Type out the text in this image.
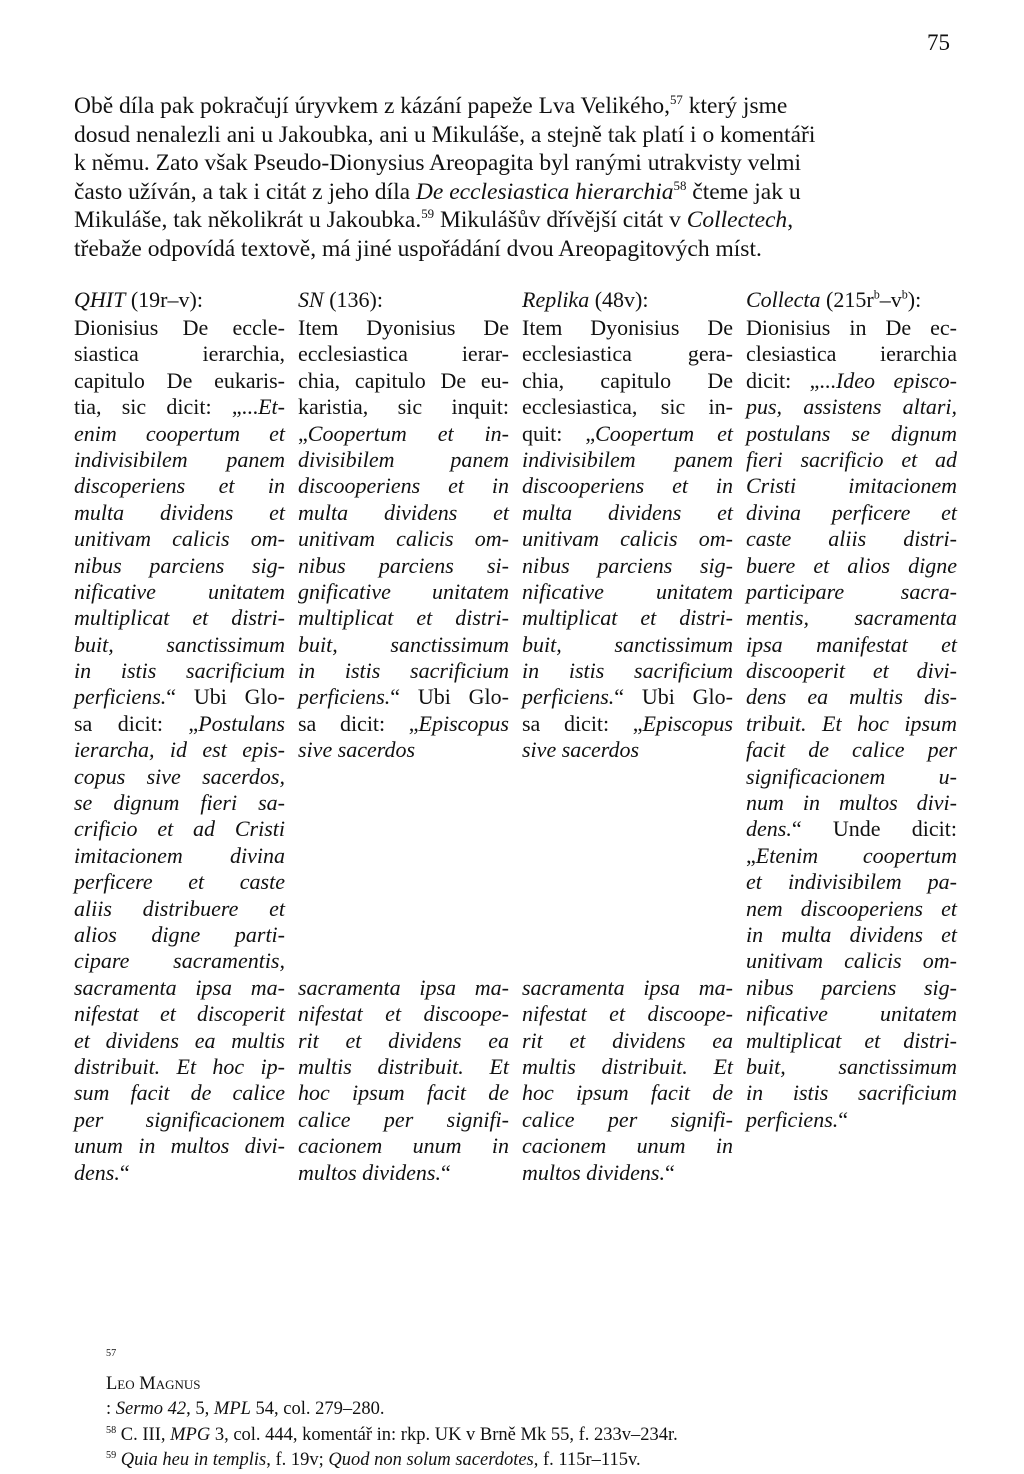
75
Obě díla pak pokračují úryvkem z kázání papeže Lva Velikého,$^{57}$ který jsme
dosud nenalezli ani u Jakoubka, ani u Mikuláše, a stejně tak platí i o komentáři
k němu. Zato však Pseudo-Dionysius Areopagita byl ranými utrakvisty velmi
často užíván, a tak i citát z jeho díla De ecclesiastica hierarchia$^{58}$ čteme jak u
Mikuláše, tak několikrát u Jakoubka.$^{59}$ Mikulášův dřívější citát v Collectech,
třebaže odpovídá textově, má jiné uspořádání dvou Areopagitových míst.
QHIT (19r–v):
Dionisius De eccle-
siastica ierarchia,
capitulo De eukaris-
tia, sic dicit: „...Et-
enim coopertum et
indivisibilem panem
discoperiens et in
multa dividens et
unitivam calicis om-
nibus parciens sig-
nificative unitatem
multiplicat et distri-
buit, sanctissimum
in istis sacrificium
perficiens.“ Ubi Glo-
sa dicit: „Postulans
ierarcha, id est epis-
copus sive sacerdos,
se dignum fieri sa-
crificio et ad Cristi
imitacionem divina
perficere et caste
aliis distribuere et
alios digne parti-
cipare sacramentis,
sacramenta ipsa ma-
nifestat et discoperit
et dividens ea multis
distribuit. Et hoc ip-
sum facit de calice
per significacionem
unum in multos divi-
dens.“
SN (136):
Item Dyonisius De
ecclesiastica ierar-
chia, capitulo De eu-
karistia, sic inquit:
„Coopertum et in-
divisibilem panem
discooperiens et in
multa dividens et
unitivam calicis om-
nibus parciens si-
gnificative unitatem
multiplicat et distri-
buit, sanctissimum
in istis sacrificium
perficiens.“ Ubi Glo-
sa dicit: „Episcopus
sive sacerdos
sacramenta ipsa ma-
nifestat et discoope-
rit et dividens ea
multis distribuit. Et
hoc ipsum facit de
calice per signifi-
cacionem unum in
multos dividens.“
Replika (48v):
Item Dyonisius De
ecclesiastica gera-
chia, capitulo De
ecclesiastica, sic in-
quit: „Coopertum et
indivisibilem panem
discooperiens et in
multa dividens et
unitivam calicis om-
nibus parciens sig-
nificative unitatem
multiplicat et distri-
buit, sanctissimum
in istis sacrificium
perficiens.“ Ubi Glo-
sa dicit: „Episcopus
sive sacerdos
sacramenta ipsa ma-
nifestat et discoope-
rit et dividens ea
multis distribuit. Et
hoc ipsum facit de
calice per signifi-
cacionem unum in
multos dividens.“
Collecta $(215r^b-v^b)$:
Dionisius in De ec-
clesiastica ierarchia
dicit: „...Ideo episco-
pus, assistens altari,
postulans se dignum
fieri sacrificio et ad
Cristi imitacionem
divina perficere et
caste aliis distri-
buere et alios digne
participare sacra-
mentis, sacramenta
ipsa manifestat et
discooperit et divi-
dens ea multis dis-
tribuit. Et hoc ipsum
facit de calice per
significacionem u-
num in multos divi-
dens.“ Unde dicit:
„Etenim coopertum
et indivisibilem pa-
nem discooperiens et
in multa dividens et
unitivam calicis om-
nibus parciens sig-
nificative unitatem
multiplicat et distri-
buit, sanctissimum
in istis sacrificium
perficiens.“
$^{57}$
Leo Magnus
: Sermo 42, 5, MPL 54, col. 279–280.
$^{58}$ C. III, MPG 3, col. 444, komentář in: rkp. UK v Brně Mk 55, f. 233v–234r.
$^{59}$ Quia heu in templis, f. 19v; Quod non solum sacerdotes, f. 115r–115v.
